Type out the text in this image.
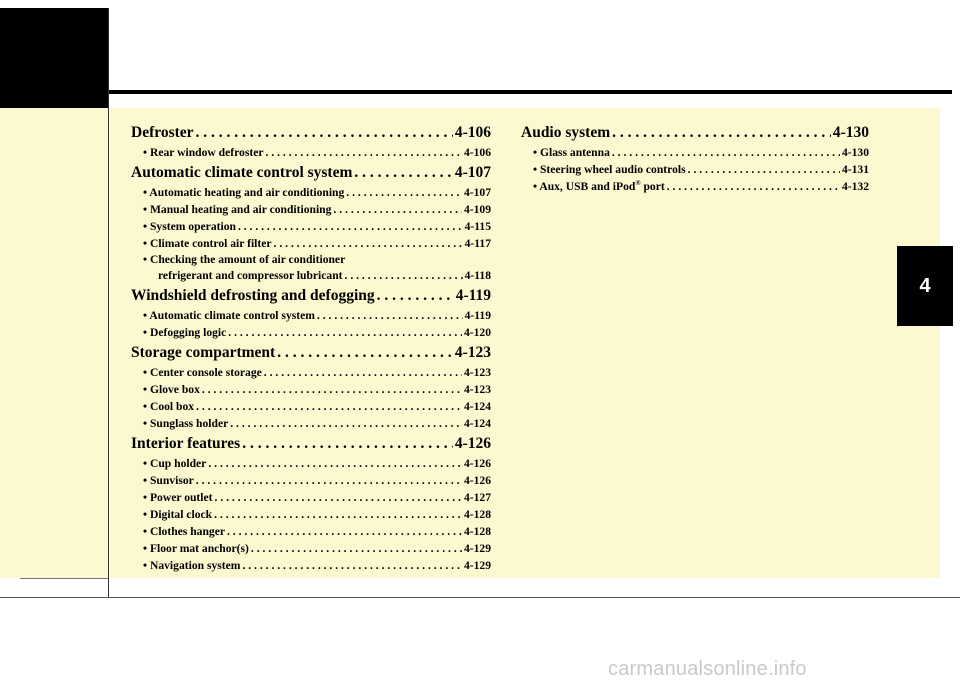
4
Defroster . . .	4-106
• Rear window defroster . . .	4-106
Automatic climate control system . . .	4-107
• Automatic heating and air conditioning . . .	4-107
• Manual heating and air conditioning . . .	4-109
• System operation . . .	4-115
• Climate control air filter . . .	4-117
• Checking the amount of air conditioner
refrigerant and compressor lubricant . . .	4-118
Windshield defrosting and defogging . . .	4-119
• Automatic climate control system . . .	4-119
• Defogging logic . . .	4-120
Storage compartment . . .	4-123
• Center console storage . . .	4-123
• Glove box . . .	4-123
• Cool box . . .	4-124
• Sunglass holder . . .	4-124
Interior features . . .	4-126
• Cup holder . . .	4-126
• Sunvisor . . .	4-126
• Power outlet . . .	4-127
• Digital clock . . .	4-128
• Clothes hanger . . .	4-128
• Floor mat anchor(s) . . .	4-129
• Navigation system . . .	4-129
Audio system . . .	4-130
• Glass antenna . . .	4-130
• Steering wheel audio controls . . .	4-131
• Aux, USB and iPod® port . . .	4-132
carmanualsonline.info
